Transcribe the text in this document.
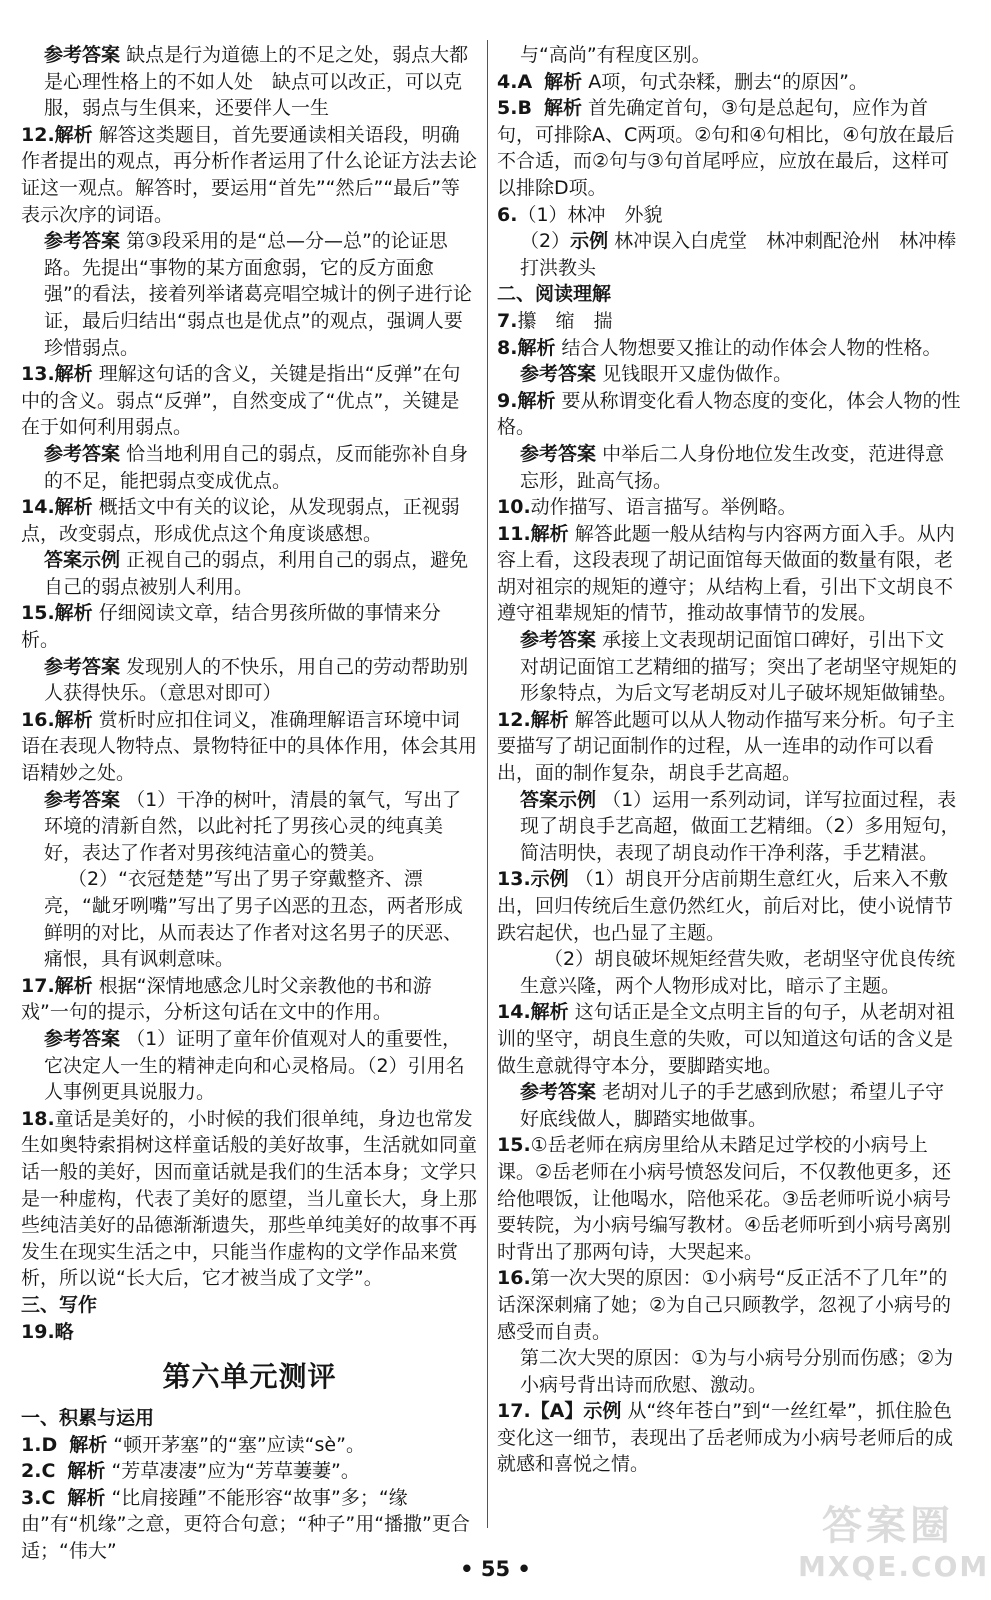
参考答案 缺点是行为道德上的不足之处，弱点大都是心理性格上的不如人处　缺点可以改正，可以克服，弱点与生俱来，还要伴人一生

12.解析 解答这类题目，首先要通读相关语段，明确作者提出的观点，再分析作者运用了什么论证方法去论证这一观点。解答时，要运用“首先”“然后”“最后”等表示次序的词语。

参考答案 第③段采用的是“总—分—总”的论证思路。先提出“事物的某方面愈弱，它的反方面愈强”的看法，接着列举诸葛亮唱空城计的例子进行论证，最后归结出“弱点也是优点”的观点，强调人要珍惜弱点。

13.解析 理解这句话的含义，关键是指出“反弹”在句中的含义。弱点“反弹”，自然变成了“优点”，关键是在于如何利用弱点。

参考答案 恰当地利用自己的弱点，反而能弥补自身的不足，能把弱点变成优点。

14.解析 概括文中有关的议论，从发现弱点，正视弱点，改变弱点，形成优点这个角度谈感想。

答案示例 正视自己的弱点，利用自己的弱点，避免自己的弱点被别人利用。

15.解析 仔细阅读文章，结合男孩所做的事情来分析。

参考答案 发现别人的不快乐，用自己的劳动帮助别人获得快乐。（意思对即可）

16.解析 赏析时应扣住词义，准确理解语言环境中词语在表现人物特点、景物特征中的具体作用，体会其用语精妙之处。

参考答案 （1）干净的树叶，清晨的氧气，写出了环境的清新自然，以此衬托了男孩心灵的纯真美好，表达了作者对男孩纯洁童心的赞美。

（2）“衣冠楚楚”写出了男子穿戴整齐、漂亮，“龇牙咧嘴”写出了男子凶恶的丑态，两者形成鲜明的对比，从而表达了作者对这名男子的厌恶、痛恨，具有讽刺意味。

17.解析 根据“深情地感念儿时父亲教他的书和游戏”一句的提示，分析这句话在文中的作用。

参考答案 （1）证明了童年价值观对人的重要性，它决定人一生的精神走向和心灵格局。（2）引用名人事例更具说服力。

18.童话是美好的，小时候的我们很单纯，身边也常发生如奥特索捐树这样童话般的美好故事，生活就如同童话一般的美好，因而童话就是我们的生活本身；文学只是一种虚构，代表了美好的愿望，当儿童长大，身上那些纯洁美好的品德渐渐遗失，那些单纯美好的故事不再发生在现实生活之中，只能当作虚构的文学作品来赏析，所以说“长大后，它才被当成了文学”。

三、写作

19.略

第六单元测评

一、积累与运用

1.D 解析 “顿开茅塞”的“塞”应读“sè”。

2.C 解析 “芳草凄凄”应为“芳草萋萋”。

3.C 解析 “比肩接踵”不能形容“故事”多；“缘由”有“机缘”之意，更符合句意；“种子”用“播撒”更合适；“伟大”

与“高尚”有程度区别。

4.A 解析 A项，句式杂糅，删去“的原因”。

5.B 解析 首先确定首句，③句是总起句，应作为首句，可排除A、C两项。②句和④句相比，④句放在最后不合适，而②句与③句首尾呼应，应放在最后，这样可以排除D项。

6.（1）林冲　外貌

（2）示例 林冲误入白虎堂　林冲刺配沧州　林冲棒打洪教头

二、阅读理解

7.攥　缩　揣

8.解析 结合人物想要又推让的动作体会人物的性格。

参考答案 见钱眼开又虚伪做作。

9.解析 要从称谓变化看人物态度的变化，体会人物的性格。

参考答案 中举后二人身份地位发生改变，范进得意忘形，趾高气扬。

10.动作描写、语言描写。举例略。

11.解析 解答此题一般从结构与内容两方面入手。从内容上看，这段表现了胡记面馆每天做面的数量有限，老胡对祖宗的规矩的遵守；从结构上看，引出下文胡良不遵守祖辈规矩的情节，推动故事情节的发展。

参考答案 承接上文表现胡记面馆口碑好，引出下文对胡记面馆工艺精细的描写；突出了老胡坚守规矩的形象特点，为后文写老胡反对儿子破坏规矩做铺垫。

12.解析 解答此题可以从人物动作描写来分析。句子主要描写了胡记面制作的过程，从一连串的动作可以看出，面的制作复杂，胡良手艺高超。

答案示例 （1）运用一系列动词，详写拉面过程，表现了胡良手艺高超，做面工艺精细。（2）多用短句，简洁明快，表现了胡良动作干净利落，手艺精湛。

13.示例 （1）胡良开分店前期生意红火，后来入不敷出，回归传统后生意仍然红火，前后对比，使小说情节跌宕起伏，也凸显了主题。

（2）胡良破坏规矩经营失败，老胡坚守优良传统生意兴隆，两个人物形成对比，暗示了主题。

14.解析 这句话正是全文点明主旨的句子，从老胡对祖训的坚守，胡良生意的失败，可以知道这句话的含义是做生意就得守本分，要脚踏实地。

参考答案 老胡对儿子的手艺感到欣慰；希望儿子守好底线做人，脚踏实地做事。

15.①岳老师在病房里给从未踏足过学校的小病号上课。②岳老师在小病号愤怒发问后，不仅教他更多，还给他喂饭，让他喝水，陪他采花。③岳老师听说小病号要转院，为小病号编写教材。④岳老师听到小病号离别时背出了那两句诗，大哭起来。

16.第一次大哭的原因：①小病号“反正活不了几年”的话深深刺痛了她；②为自己只顾教学，忽视了小病号的感受而自责。

第二次大哭的原因：①为与小病号分别而伤感；②为小病号背出诗而欣慰、激动。

17.【A】示例 从“终年苍白”到“一丝红晕”，抓住脸色变化这一细节，表现出了岳老师成为小病号老师后的成就感和喜悦之情。

• 55 •
答案圈
MXQE.COM
